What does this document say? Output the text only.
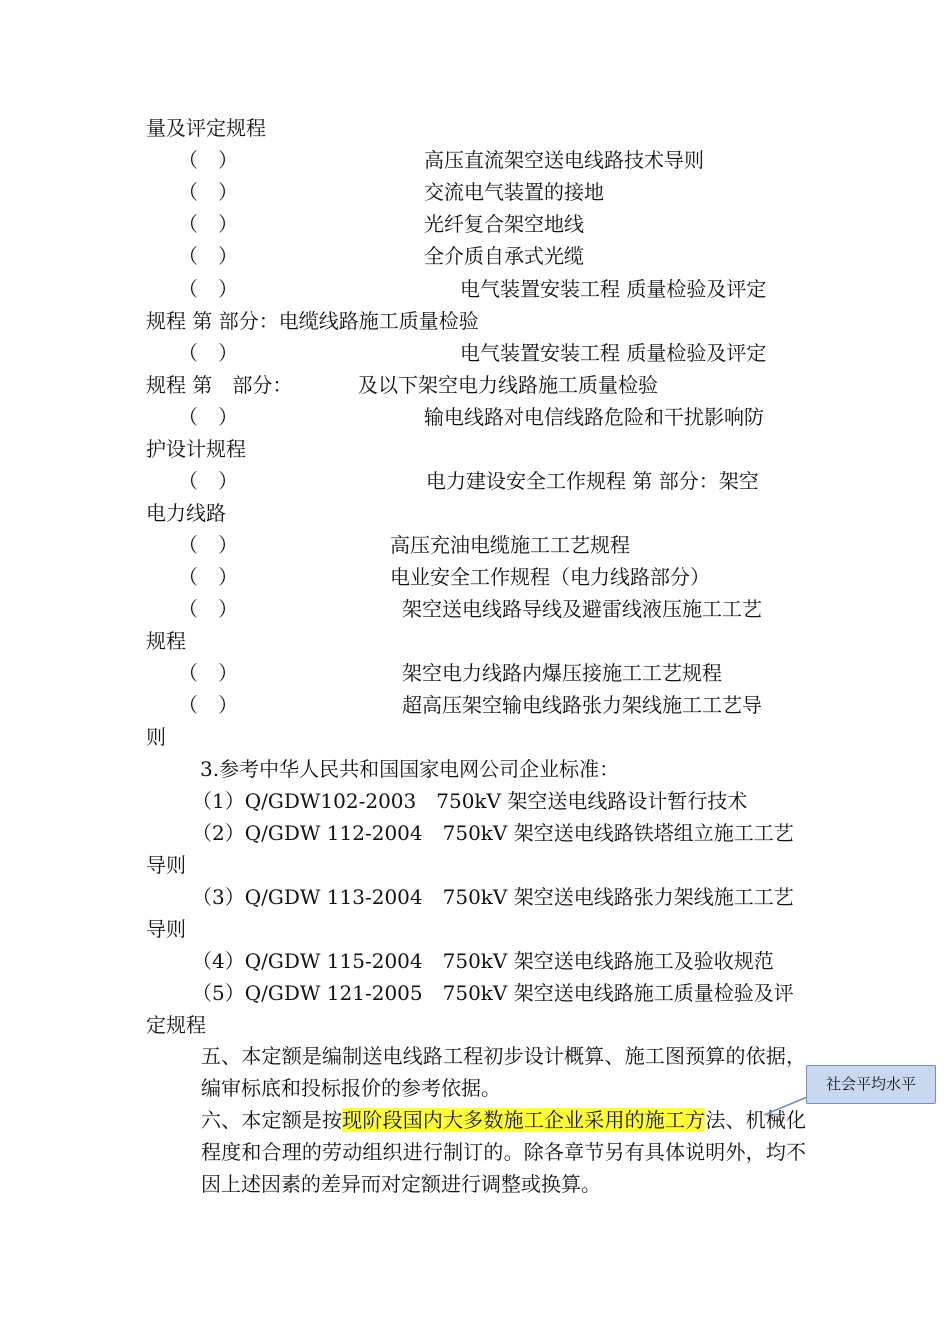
量及评定规程
（　）	高压直流架空送电线路技术导则
（　）	交流电气装置的接地
（　）	光纤复合架空地线
（　）	全介质自承式光缆
（　）	电气装置安装工程 质量检验及评定
规程 第 部分：电缆线路施工质量检验
（　）	电气装置安装工程 质量检验及评定
规程 第　部分：	及以下架空电力线路施工质量检验
（　）	输电线路对电信线路危险和干扰影响防
护设计规程
（　）	电力建设安全工作规程 第 部分：架空
电力线路
（　）	高压充油电缆施工工艺规程
（　）	电业安全工作规程（电力线路部分）
（　）	架空送电线路导线及避雷线液压施工工艺
规程
（　）	架空电力线路内爆压接施工工艺规程
（　）	超高压架空输电线路张力架线施工工艺导
则
3.参考中华人民共和国国家电网公司企业标准：
（1）Q/GDW102-2003　750kV 架空送电线路设计暂行技术
（2）Q/GDW 112-2004　750kV 架空送电线路铁塔组立施工工艺
导则
（3）Q/GDW 113-2004　750kV 架空送电线路张力架线施工工艺
导则
（4）Q/GDW 115-2004　750kV 架空送电线路施工及验收规范
（5）Q/GDW 121-2005　750kV 架空送电线路施工质量检验及评
定规程
五、本定额是编制送电线路工程初步设计概算、施工图预算的依据，编审标底和投标报价的参考依据。
六、本定额是按现阶段国内大多数施工企业采用的施工方法、机械化程度和合理的劳动组织进行制订的。除各章节另有具体说明外，均不因上述因素的差异而对定额进行调整或换算。
社会平均水平
